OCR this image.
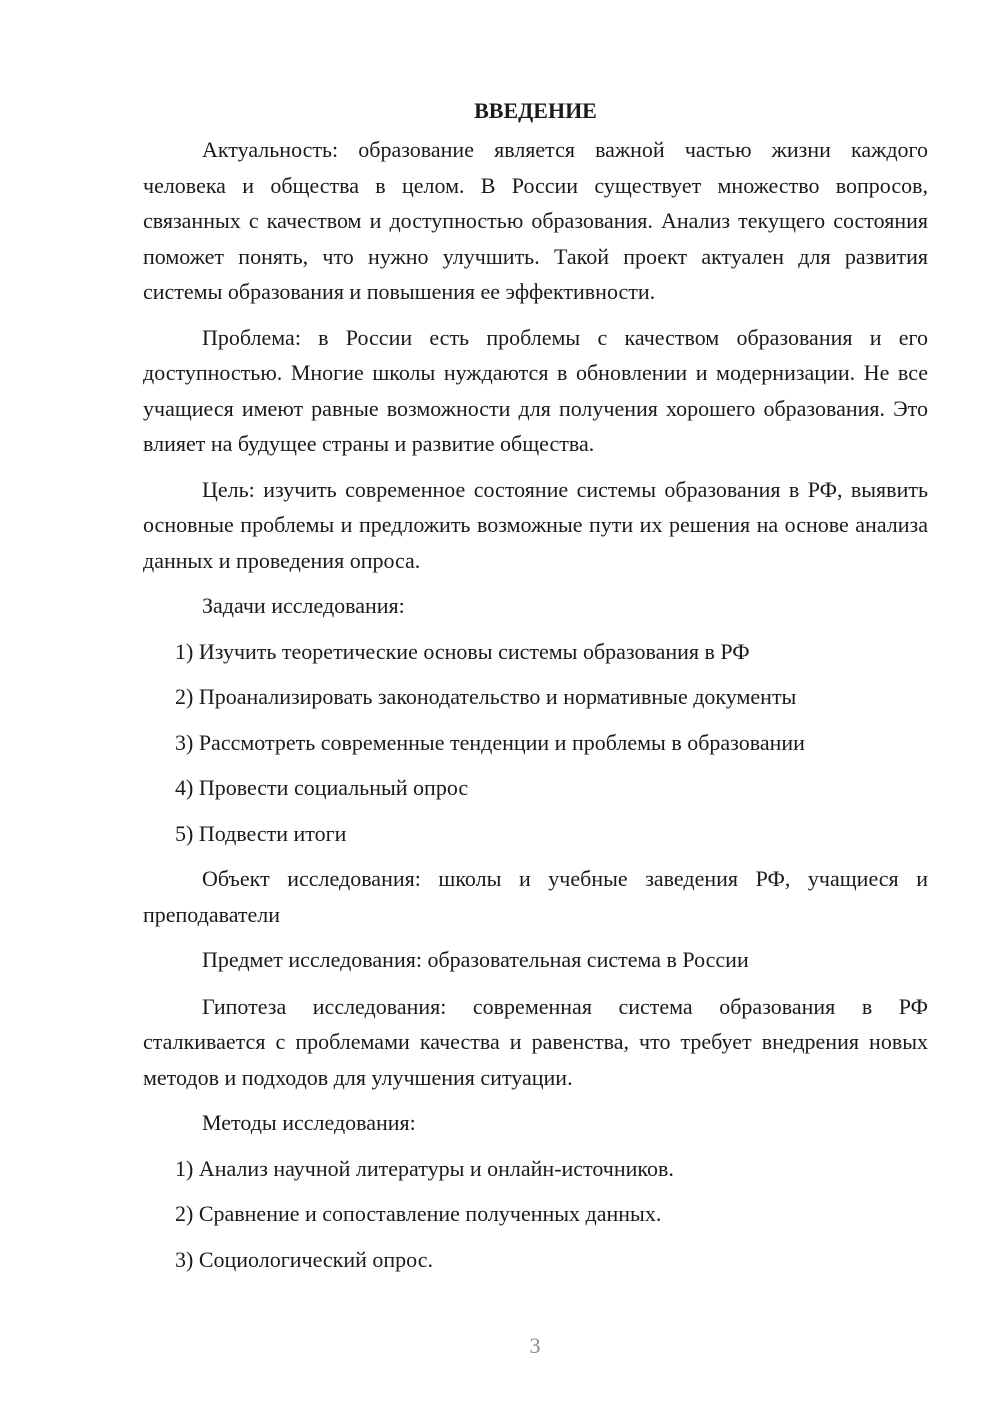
ВВЕДЕНИЕ
Актуальность: образование является важной частью жизни каждого человека и общества в целом. В России существует множество вопросов, связанных с качеством и доступностью образования. Анализ текущего состояния поможет понять, что нужно улучшить. Такой проект актуален для развития системы образования и повышения ее эффективности.
Проблема: в России есть проблемы с качеством образования и его доступностью. Многие школы нуждаются в обновлении и модернизации. Не все учащиеся имеют равные возможности для получения хорошего образования. Это влияет на будущее страны и развитие общества.
Цель: изучить современное состояние системы образования в РФ, выявить основные проблемы и предложить возможные пути их решения на основе анализа данных и проведения опроса.
Задачи исследования:
1) Изучить теоретические основы системы образования в РФ
2) Проанализировать законодательство и нормативные документы
3) Рассмотреть современные тенденции и проблемы в образовании
4) Провести социальный опрос
5) Подвести итоги
Объект исследования: школы и учебные заведения РФ, учащиеся и преподаватели
Предмет исследования: образовательная система в России
Гипотеза исследования: современная система образования в РФ сталкивается с проблемами качества и равенства, что требует внедрения новых методов и подходов для улучшения ситуации.
Методы исследования:
1) Анализ научной литературы и онлайн-источников.
2) Сравнение и сопоставление полученных данных.
3) Социологический опрос.
3
